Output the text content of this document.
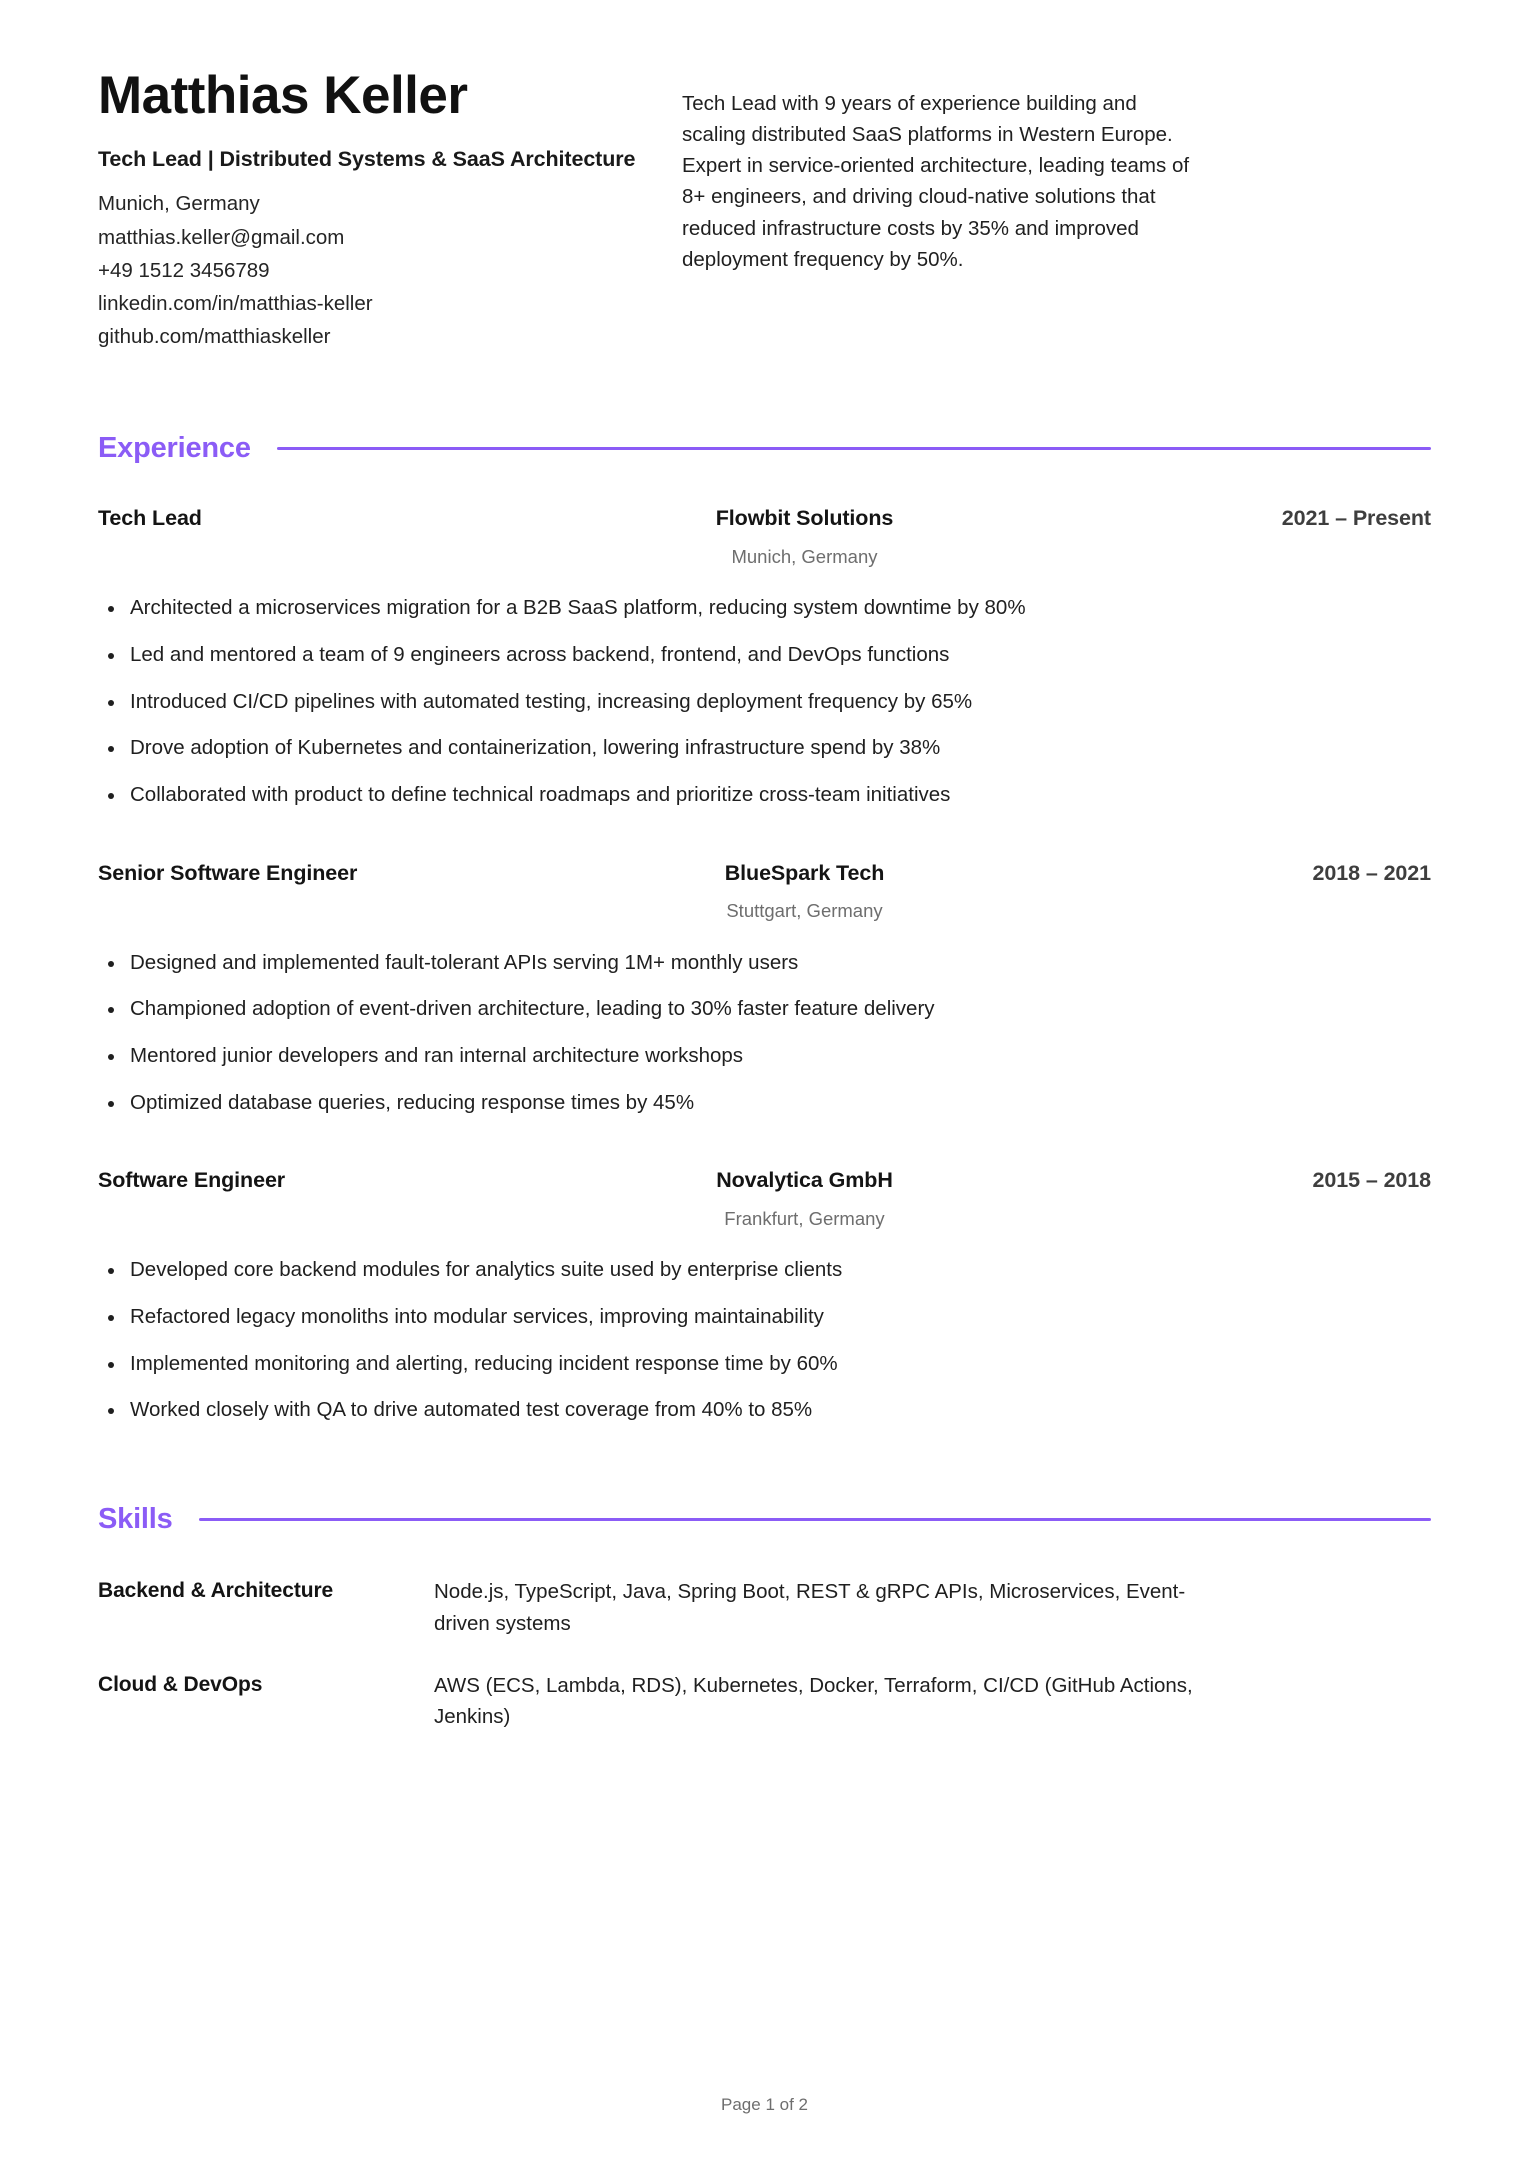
Matthias Keller
Tech Lead | Distributed Systems & SaaS Architecture
Munich, Germany
matthias.keller@gmail.com
+49 1512 3456789
linkedin.com/in/matthias-keller
github.com/matthiaskeller
Tech Lead with 9 years of experience building and scaling distributed SaaS platforms in Western Europe. Expert in service-oriented architecture, leading teams of 8+ engineers, and driving cloud-native solutions that reduced infrastructure costs by 35% and improved deployment frequency by 50%.
Experience
Tech Lead	Flowbit Solutions
Munich, Germany
2021 – Present
Architected a microservices migration for a B2B SaaS platform, reducing system downtime by 80%
Led and mentored a team of 9 engineers across backend, frontend, and DevOps functions
Introduced CI/CD pipelines with automated testing, increasing deployment frequency by 65%
Drove adoption of Kubernetes and containerization, lowering infrastructure spend by 38%
Collaborated with product to define technical roadmaps and prioritize cross-team initiatives
Senior Software Engineer	BlueSpark Tech
Stuttgart, Germany
2018 – 2021
Designed and implemented fault-tolerant APIs serving 1M+ monthly users
Championed adoption of event-driven architecture, leading to 30% faster feature delivery
Mentored junior developers and ran internal architecture workshops
Optimized database queries, reducing response times by 45%
Software Engineer	Novalytica GmbH
Frankfurt, Germany
2015 – 2018
Developed core backend modules for analytics suite used by enterprise clients
Refactored legacy monoliths into modular services, improving maintainability
Implemented monitoring and alerting, reducing incident response time by 60%
Worked closely with QA to drive automated test coverage from 40% to 85%
Skills
Backend & Architecture	Node.js, TypeScript, Java, Spring Boot, REST & gRPC APIs, Microservices, Event-driven systems
Cloud & DevOps	AWS (ECS, Lambda, RDS), Kubernetes, Docker, Terraform, CI/CD (GitHub Actions, Jenkins)
Page 1 of 2
